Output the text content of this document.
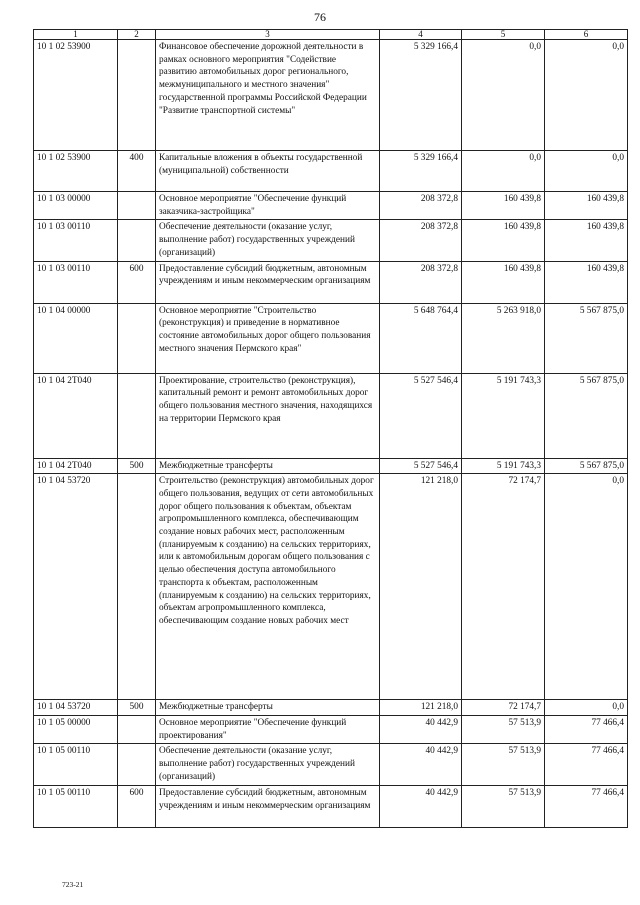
76
1	2	3	4	5	6
10 1 02 53900		Финансовое обеспечение дорожной деятельности в рамках основного мероприятия "Содействие развитию автомобильных дорог регионального, межмуниципального и местного значения" государственной программы Российской Федерации "Развитие транспортной системы"	5 329 166,4	0,0	0,0
10 1 02 53900	400	Капитальные вложения в объекты государственной (муниципальной) собственности	5 329 166,4	0,0	0,0
10 1 03 00000		Основное мероприятие "Обеспечение функций заказчика-застройщика"	208 372,8	160 439,8	160 439,8
10 1 03 00110		Обеспечение деятельности (оказание услуг, выполнение работ) государственных учреждений (организаций)	208 372,8	160 439,8	160 439,8
10 1 03 00110	600	Предоставление субсидий бюджетным, автономным учреждениям и иным некоммерческим организациям	208 372,8	160 439,8	160 439,8
10 1 04 00000		Основное мероприятие "Строительство (реконструкция) и приведение в нормативное состояние автомобильных дорог общего пользования местного значения Пермского края"	5 648 764,4	5 263 918,0	5 567 875,0
10 1 04 2Т040		Проектирование, строительство (реконструкция), капитальный ремонт и ремонт автомобильных дорог общего пользования местного значения, находящихся на территории Пермского края	5 527 546,4	5 191 743,3	5 567 875,0
10 1 04 2Т040	500	Межбюджетные трансферты	5 527 546,4	5 191 743,3	5 567 875,0
10 1 04 53720		Строительство (реконструкция) автомобильных дорог общего пользования, ведущих от сети автомобильных дорог общего пользования к объектам, объектам агропромышленного комплекса, обеспечивающим создание новых рабочих мест, расположенным (планируемым к созданию) на сельских территориях, или к автомобильным дорогам общего пользования с целью обеспечения доступа автомобильного транспорта к объектам, расположенным (планируемым к созданию) на сельских территориях, объектам агропромышленного комплекса, обеспечивающим создание новых рабочих мест	121 218,0	72 174,7	0,0
10 1 04 53720	500	Межбюджетные трансферты	121 218,0	72 174,7	0,0
10 1 05 00000		Основное мероприятие "Обеспечение функций проектирования"	40 442,9	57 513,9	77 466,4
10 1 05 00110		Обеспечение деятельности (оказание услуг, выполнение работ) государственных учреждений (организаций)	40 442,9	57 513,9	77 466,4
10 1 05 00110	600	Предоставление субсидий бюджетным, автономным учреждениям и иным некоммерческим организациям	40 442,9	57 513,9	77 466,4
723-21
